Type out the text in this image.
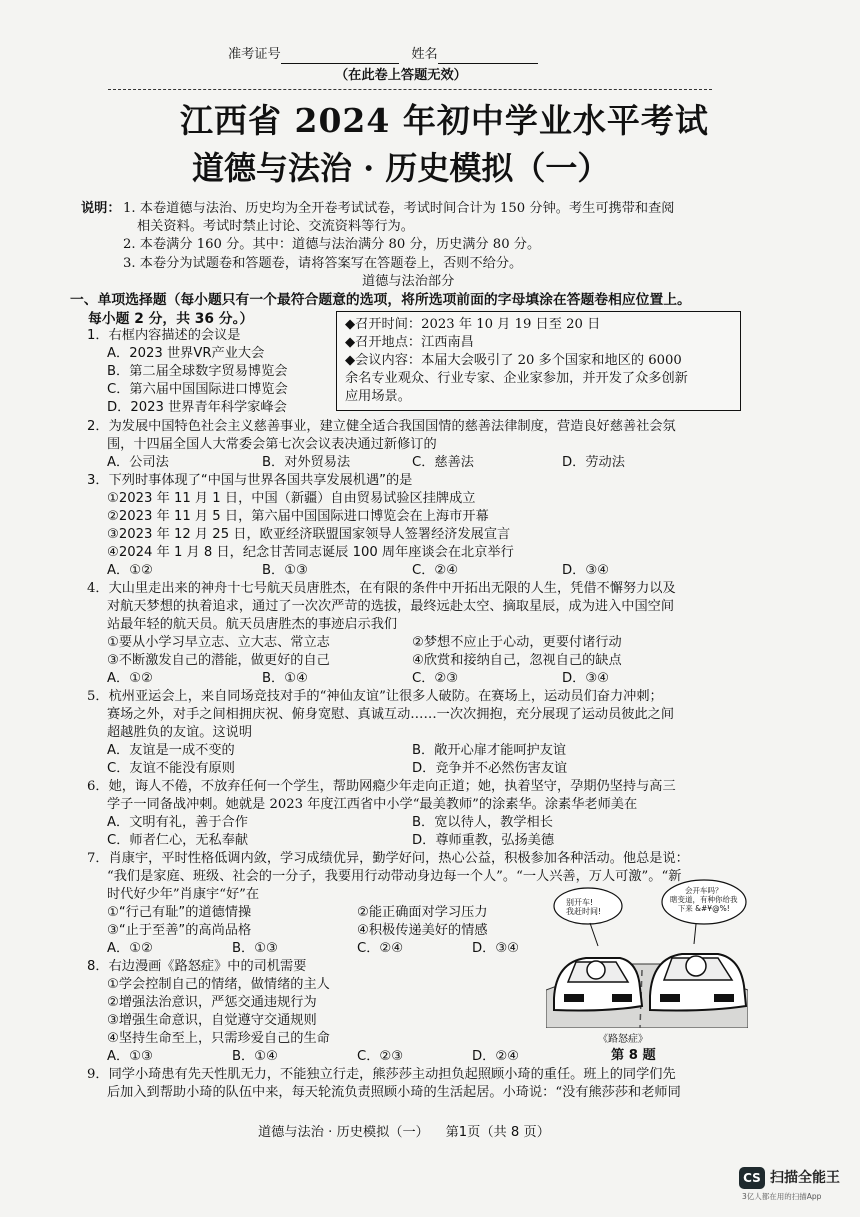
准考证号	姓名
（在此卷上答题无效）
江西省 2024 年初中学业水平考试
道德与法治 · 历史模拟（一）
说明： 1. 本卷道德与法治、历史均为全开卷考试试卷，考试时间合计为 150 分钟。考生可携带和查阅
相关资料。考试时禁止讨论、交流资料等行为。
2. 本卷满分 160 分。其中：道德与法治满分 80 分，历史满分 80 分。
3. 本卷分为试题卷和答题卷，请将答案写在答题卷上，否则不给分。
道德与法治部分
一、单项选择题（每小题只有一个最符合题意的选项，将所选项前面的字母填涂在答题卷相应位置上。
每小题 2 分，共 36 分。）	◆召开时间：2023 年 10 月 19 日至 20 日
◆召开地点：江西南昌
◆会议内容：本届大会吸引了 20 多个国家和地区的 6000
余名专业观众、行业专家、企业家参加，并开发了众多创新
应用场景。
1．右框内容描述的会议是
A．2023 世界VR产业大会
B．第二届全球数字贸易博览会
C．第六届中国国际进口博览会
D．2023 世界青年科学家峰会
2．为发展中国特色社会主义慈善事业，建立健全适合我国国情的慈善法律制度，营造良好慈善社会氛
围，十四届全国人大常委会第七次会议表决通过新修订的
A．公司法	B．对外贸易法	C．慈善法	D．劳动法
3．下列时事体现了“中国与世界各国共享发展机遇”的是
①2023 年 11 月 1 日，中国（新疆）自由贸易试验区挂牌成立
②2023 年 11 月 5 日，第六届中国国际进口博览会在上海市开幕
③2023 年 12 月 25 日，欧亚经济联盟国家领导人签署经济发展宣言
④2024 年 1 月 8 日，纪念甘苦同志诞辰 100 周年座谈会在北京举行
A．①②	B．①③	C．②④	D．③④
4．大山里走出来的神舟十七号航天员唐胜杰，在有限的条件中开拓出无限的人生，凭借不懈努力以及
对航天梦想的执着追求，通过了一次次严苛的选拔，最终远赴太空、摘取星辰，成为进入中国空间
站最年轻的航天员。航天员唐胜杰的事迹启示我们
①要从小学习早立志、立大志、常立志	②梦想不应止于心动，更要付诸行动
③不断激发自己的潜能，做更好的自己	④欣赏和接纳自己，忽视自己的缺点
A．①②	B．①④	C．②③	D．③④
5．杭州亚运会上，来自同场竞技对手的“神仙友谊”让很多人破防。在赛场上，运动员们奋力冲刺；
赛场之外，对手之间相拥庆祝、俯身宽慰、真诚互动……一次次拥抱，充分展现了运动员彼此之间
超越胜负的友谊。这说明
A．友谊是一成不变的	B．敞开心扉才能呵护友谊
C．友谊不能没有原则	D．竞争并不必然伤害友谊
6．她，诲人不倦，不放弃任何一个学生，帮助网瘾少年走向正道；她，执着坚守，孕期仍坚持与高三
学子一同备战冲刺。她就是 2023 年度江西省中小学“最美教师”的涂素华。涂素华老师美在
A．文明有礼，善于合作	B．宽以待人，教学相长
C．师者仁心，无私奉献	D．尊师重教，弘扬美德
7．肖康宇，平时性格低调内敛，学习成绩优异，勤学好问，热心公益，积极参加各种活动。他总是说：
“我们是家庭、班级、社会的一分子，我要用行动带动身边每一个人”。“一人兴善，万人可激”。“新
时代好少年”肖康宇“好”在
①“行己有耻”的道德情操	②能正确面对学习压力
③“止于至善”的高尚品格	④积极传递美好的情感
A．①②	B．①③	C．②④	D．③④
8．右边漫画《路怒症》中的司机需要
①学会控制自己的情绪，做情绪的主人
②增强法治意识，严惩交通违规行为
③增强生命意识，自觉遵守交通规则
④坚持生命至上，只需珍爱自己的生命
A．①③	B．①④	C．②③	D．②④
别开车!
我赶时间!
会开车吗？
瞎变道，有种你给我
下来 &#¥@%!
《路怒症》
第 8 题
9．同学小琦患有先天性肌无力，不能独立行走，熊莎莎主动担负起照顾小琦的重任。班上的同学们先
后加入到帮助小琦的队伍中来，每天轮流负责照顾小琦的生活起居。小琦说：“没有熊莎莎和老师同
道德与法治 · 历史模拟（一）    第1页（共 8 页）
CS 扫描全能王
3亿人都在用的扫描App
